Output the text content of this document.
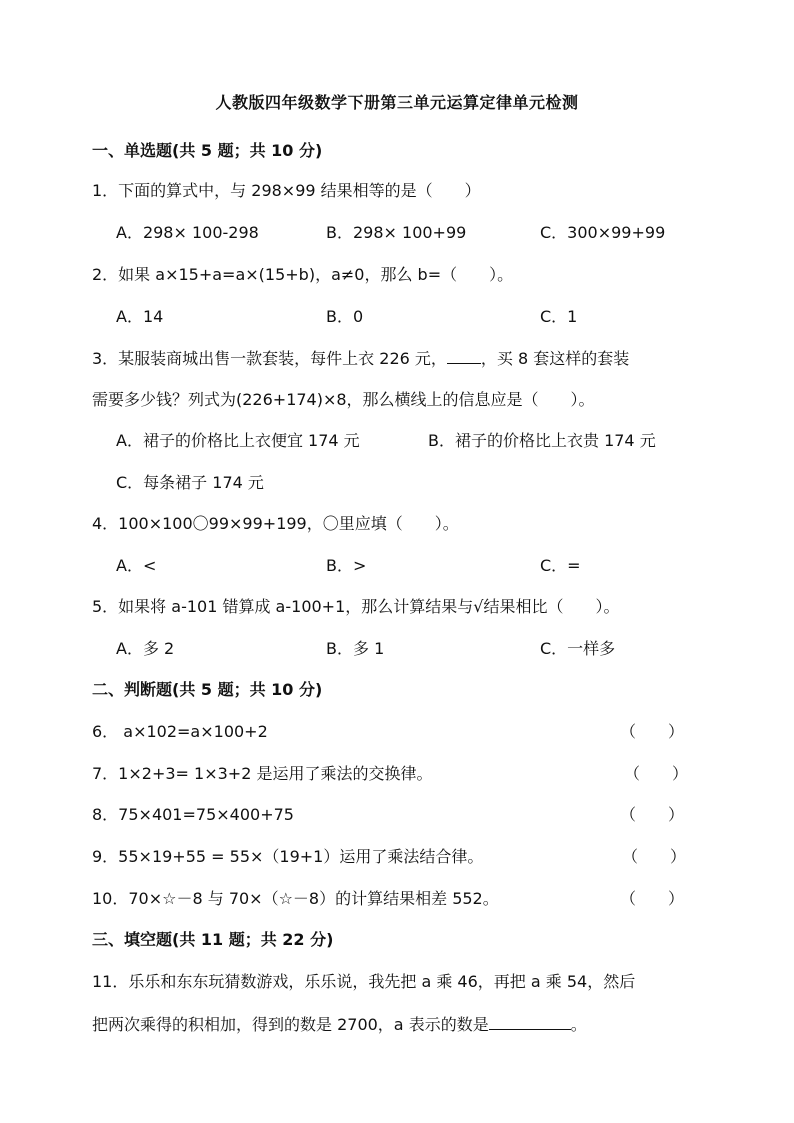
人教版四年级数学下册第三单元运算定律单元检测
一、单选题(共 5 题；共 10 分)
1．下面的算式中，与 298×99 结果相等的是（　　）
A．298× 100-298	B．298× 100+99	C．300×99+99
2．如果 a×15+a=a×(15+b)，a≠0，那么 b=（　　）。
A．14	B．0	C．1
3．某服装商城出售一款套装，每件上衣 226 元， ，买 8 套这样的套装
需要多少钱？列式为(226+174)×8，那么横线上的信息应是（　　）。
A．裙子的价格比上衣便宜 174 元	B．裙子的价格比上衣贵 174 元
C．每条裙子 174 元
4．100×100〇99×99+199，〇里应填（　　）。
A．<	B．>	C．=
5．如果将 a-101 错算成 a-100+1，那么计算结果与√结果相比（　　）。
A．多 2	B．多 1	C．一样多
二、判断题(共 5 题；共 10 分)
6． a×102=a×100+2	（　　）
7．1×2+3= 1×3+2 是运用了乘法的交换律。	（　　）
8．75×401=75×400+75	（　　）
9．55×19+55 = 55×（19+1）运用了乘法结合律。	（　　）
10．70×☆－8 与 70×（☆－8）的计算结果相差 552。	（　　）
三、填空题(共 11 题；共 22 分)
11．乐乐和东东玩猜数游戏，乐乐说，我先把 a 乘 46，再把 a 乘 54，然后
把两次乘得的积相加，得到的数是 2700，a 表示的数是	。
